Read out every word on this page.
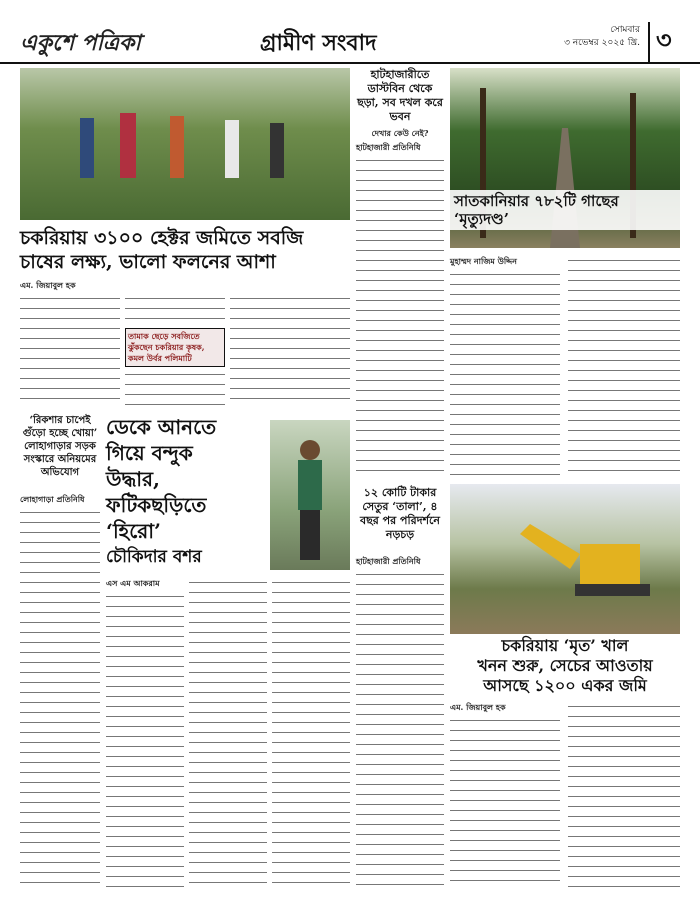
একুশে পত্রিকা	গ্রামীণ সংবাদ	সোমবার
৩ নভেম্বর ২০২৫ খ্রি. ৩
হাটহাজারীতে ডাস্টবিন থেকে ছড়া, সব দখল করে ভবন
দেখার কেউ নেই?
হাটহাজারী প্রতিনিধি
সাতকানিয়ার ৭৮২টি গাছের ‘মৃত্যুদণ্ড’
চকরিয়ায় ৩১০০ হেক্টর জমিতে সবজি
চাষের লক্ষ্য, ভালো ফলনের আশা
এম. জিয়াবুল হক
তামাক ছেড়ে সবজিতে ঝুঁকছেন চকরিয়ার কৃষক, কমল উর্বর পলিমাটি
মুহাম্মদ নাজিম উদ্দিন
‘রিকশার চাপেই গুঁড়ো হচ্ছে খোয়া’ লোহাগাড়ার সড়ক সংস্কারে অনিয়মের অভিযোগ
লোহাগাড়া প্রতিনিধি
ডেকে আনতে
গিয়ে বন্দুক
উদ্ধার,
ফটিকছড়িতে
‘হিরো’
চৌকিদার বশর
এস এম আকরাম
১২ কোটি টাকার সেতুর ‘তালা’, ৪ বছর পর পরিদর্শনে নড়চড়
হাটহাজারী প্রতিনিধি
চকরিয়ায় ‘মৃত’ খাল
খনন শুরু, সেচের আওতায়
আসছে ১২০০ একর জমি
এম. জিয়াবুল হক
